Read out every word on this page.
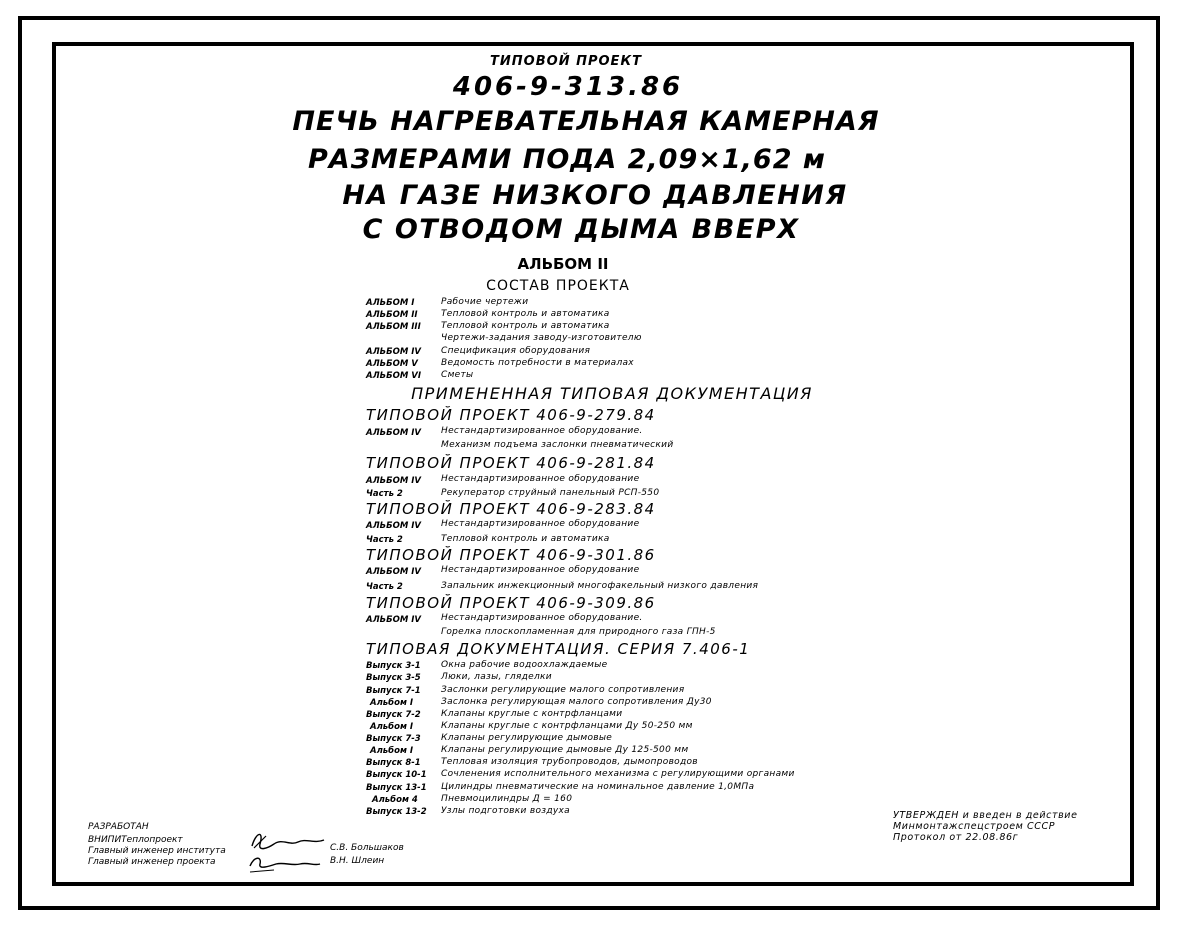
ТИПОВОЙ ПРОЕКТ
406-9-313.86
ПЕЧЬ НАГРЕВАТЕЛЬНАЯ КАМЕРНАЯ
РАЗМЕРАМИ ПОДА 2,09×1,62 м
НА ГАЗЕ НИЗКОГО ДАВЛЕНИЯ
С ОТВОДОМ ДЫМА ВВЕРХ
АЛЬБОМ II
СОСТАВ ПРОЕКТА
АЛЬБОМ I	Рабочие чертежи
АЛЬБОМ II	Тепловой контроль и автоматика
АЛЬБОМ III Тепловой контроль и автоматика
Чертежи-задания заводу-изготовителю
АЛЬБОМ IV Спецификация оборудования
АЛЬБОМ V	Ведомость потребности в материалах
АЛЬБОМ VI Сметы
ПРИМЕНЕННАЯ ТИПОВАЯ ДОКУМЕНТАЦИЯ
ТИПОВОЙ ПРОЕКТ 406-9-279.84
АЛЬБОМ IV Нестандартизированное оборудование.
Механизм подъема заслонки пневматический
ТИПОВОЙ ПРОЕКТ 406-9-281.84
АЛЬБОМ IV Нестандартизированное оборудование
Часть 2	Рекуператор струйный панельный РСП-550
ТИПОВОЙ ПРОЕКТ 406-9-283.84
АЛЬБОМ IV Нестандартизированное оборудование
Часть 2	Тепловой контроль и автоматика
ТИПОВОЙ ПРОЕКТ 406-9-301.86
АЛЬБОМ IV Нестандартизированное оборудование
Часть 2	Запальник инжекционный многофакельный низкого давления
ТИПОВОЙ ПРОЕКТ 406-9-309.86
АЛЬБОМ IV Нестандартизированное оборудование.
Горелка плоскопламенная для природного газа ГПН-5
ТИПОВАЯ ДОКУМЕНТАЦИЯ. СЕРИЯ 7.406-1
Выпуск 3-1 Окна рабочие водоохлаждаемые
Выпуск 3-5 Люки, лазы, гляделки
Выпуск 7-1 Заслонки регулирующие малого сопротивления
Альбом I	Заслонка регулирующая малого сопротивления Ду30
Выпуск 7-2 Клапаны круглые с контрфланцами
Альбом I	Клапаны круглые с контрфланцами Ду 50-250 мм
Выпуск 7-3 Клапаны регулирующие дымовые
Альбом I	Клапаны регулирующие дымовые Ду 125-500 мм
Выпуск 8-1 Тепловая изоляция трубопроводов, дымопроводов
Выпуск 10-1 Сочленения исполнительного механизма с регулирующими органами
Выпуск 13-1 Цилиндры пневматические на номинальное давление 1,0МПа
Альбом 4	Пневмоцилиндры Д = 160
Выпуск 13-2 Узлы подготовки воздуха
РАЗРАБОТАН
ВНИПИТеплопроект
Главный инженер института
Главный инженер проекта
С.В. Большаков
В.Н. Шлеин
УТВЕРЖДЕН и введен в действие
Минмонтажспецстроем СССР
Протокол от 22.08.86г
